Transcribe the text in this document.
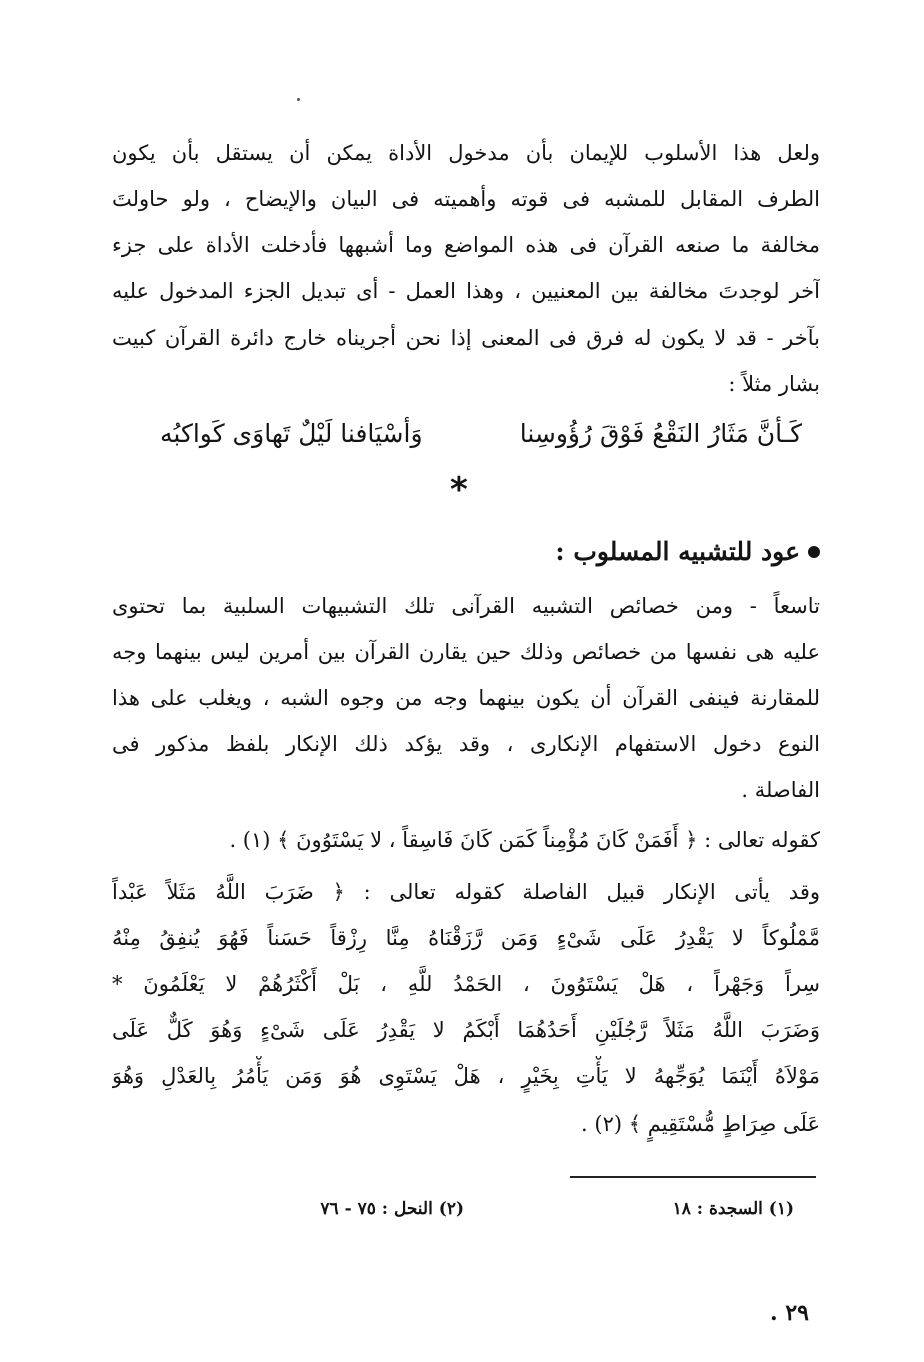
ولعل هذا الأسلوب للإيمان بأن مدخول الأداة يمكن أن يستقل بأن يكون
الطرف المقابل للمشبه فى قوته وأهميته فى البيان والإيضاح ، ولو حاولتَ
مخالفة ما صنعه القرآن فى هذه المواضع وما أشبهها فأدخلت الأداة على جزء
آخر لوجدتَ مخالفة بين المعنيين ، وهذا العمل - أى تبديل الجزء المدخول عليه
بآخر - قد لا يكون له فرق فى المعنى إذا نحن أجريناه خارج دائرة القرآن كبيت
بشار مثلاً :
كَـأنَّ مَثَارُ النَقْعُ فَوْقَ رُؤُوسِنا
وَأسْيَافنا لَيْلٌ تَهاوَى كَواكبُه
*
عود للتشبيه المسلوب :
تاسعاً - ومن خصائص التشبيه القرآنى تلك التشبيهات السلبية بما تحتوى
عليه هى نفسها من خصائص وذلك حين يقارن القرآن بين أمرين ليس بينهما وجه
للمقارنة فينفى القرآن أن يكون بينهما وجه من وجوه الشبه ، ويغلب على هذا
النوع دخول الاستفهام الإنكارى ، وقد يؤكد ذلك الإنكار بلفظ مذكور فى
الفاصلة .
كقوله تعالى : ﴿ أَفَمَنْ كَانَ مُؤْمِناً كَمَن كَانَ فَاسِقاً ، لا يَسْتَوُونَ ﴾ (١) .
وقد يأتى الإنكار قبيل الفاصلة كقوله تعالى : ﴿ ضَرَبَ اللَّهُ مَثَلاً عَبْداً
مَّمْلُوكاً لا يَقْدِرُ عَلَى شَىْءٍ وَمَن رَّزَقْنَاهُ مِنَّا رِزْقاً حَسَناً فَهُوَ يُنفِقُ مِنْهُ
سِراً وَجَهْراً ، هَلْ يَسْتَوُونَ ، الحَمْدُ للَّهِ ، بَلْ أَكْثَرُهُمْ لا يَعْلَمُونَ *
وَضَرَبَ اللَّهُ مَثَلاً رَّجُلَيْنِ أَحَدُهُمَا أَبْكَمُ لا يَقْدِرُ عَلَى شَىْءٍ وَهُوَ كَلٌّ عَلَى
مَوْلاَهُ أَيْنَمَا يُوَجِّههُ لا يَأْتِ بِخَيْرٍ ، هَلْ يَسْتَوِى هُوَ وَمَن يَأْمُرُ بِالعَدْلِ وَهُوَ
عَلَى صِرَاطٍ مُّسْتَقِيمٍ ﴾ (٢) .
(١) السجدة : ١٨
(٢) النحل : ٧٥ - ٧٦
٢٩ .
